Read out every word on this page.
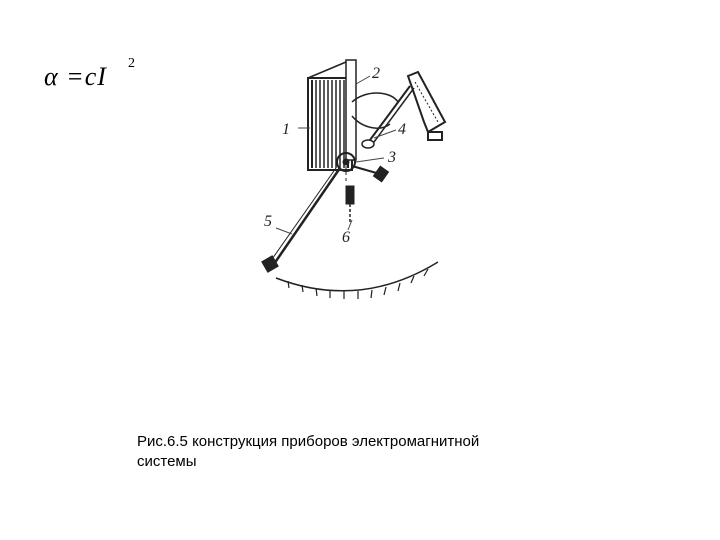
α =cI 2
1
2
3
4
5
6
Рис.6.5 конструкция приборов электромагнитной
системы
